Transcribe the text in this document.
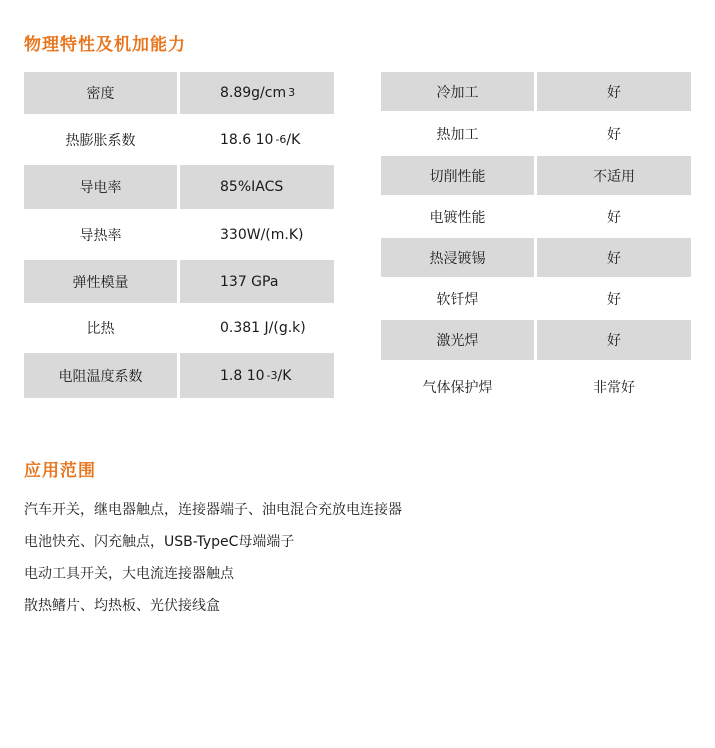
物理特性及机加能力
密度	8.89g/cm 3
热膨胀系数	18.6 10 -6 /K
导电率	85%IACS
导热率	330W/(m.K)
弹性模量	137 GPa
比热	0.381 J/(g.k)
电阻温度系数	1.8 10 -3 /K
冷加工	好
热加工	好
切削性能	不适用
电镀性能	好
热浸镀锡	好
软钎焊	好
激光焊	好
气体保护焊	非常好
应用范围
汽车开关，继电器触点，连接器端子、油电混合充放电连接器
电池快充、闪充触点，USB-TypeC母端端子
电动工具开关，大电流连接器触点
散热鳍片、均热板、光伏接线盒
